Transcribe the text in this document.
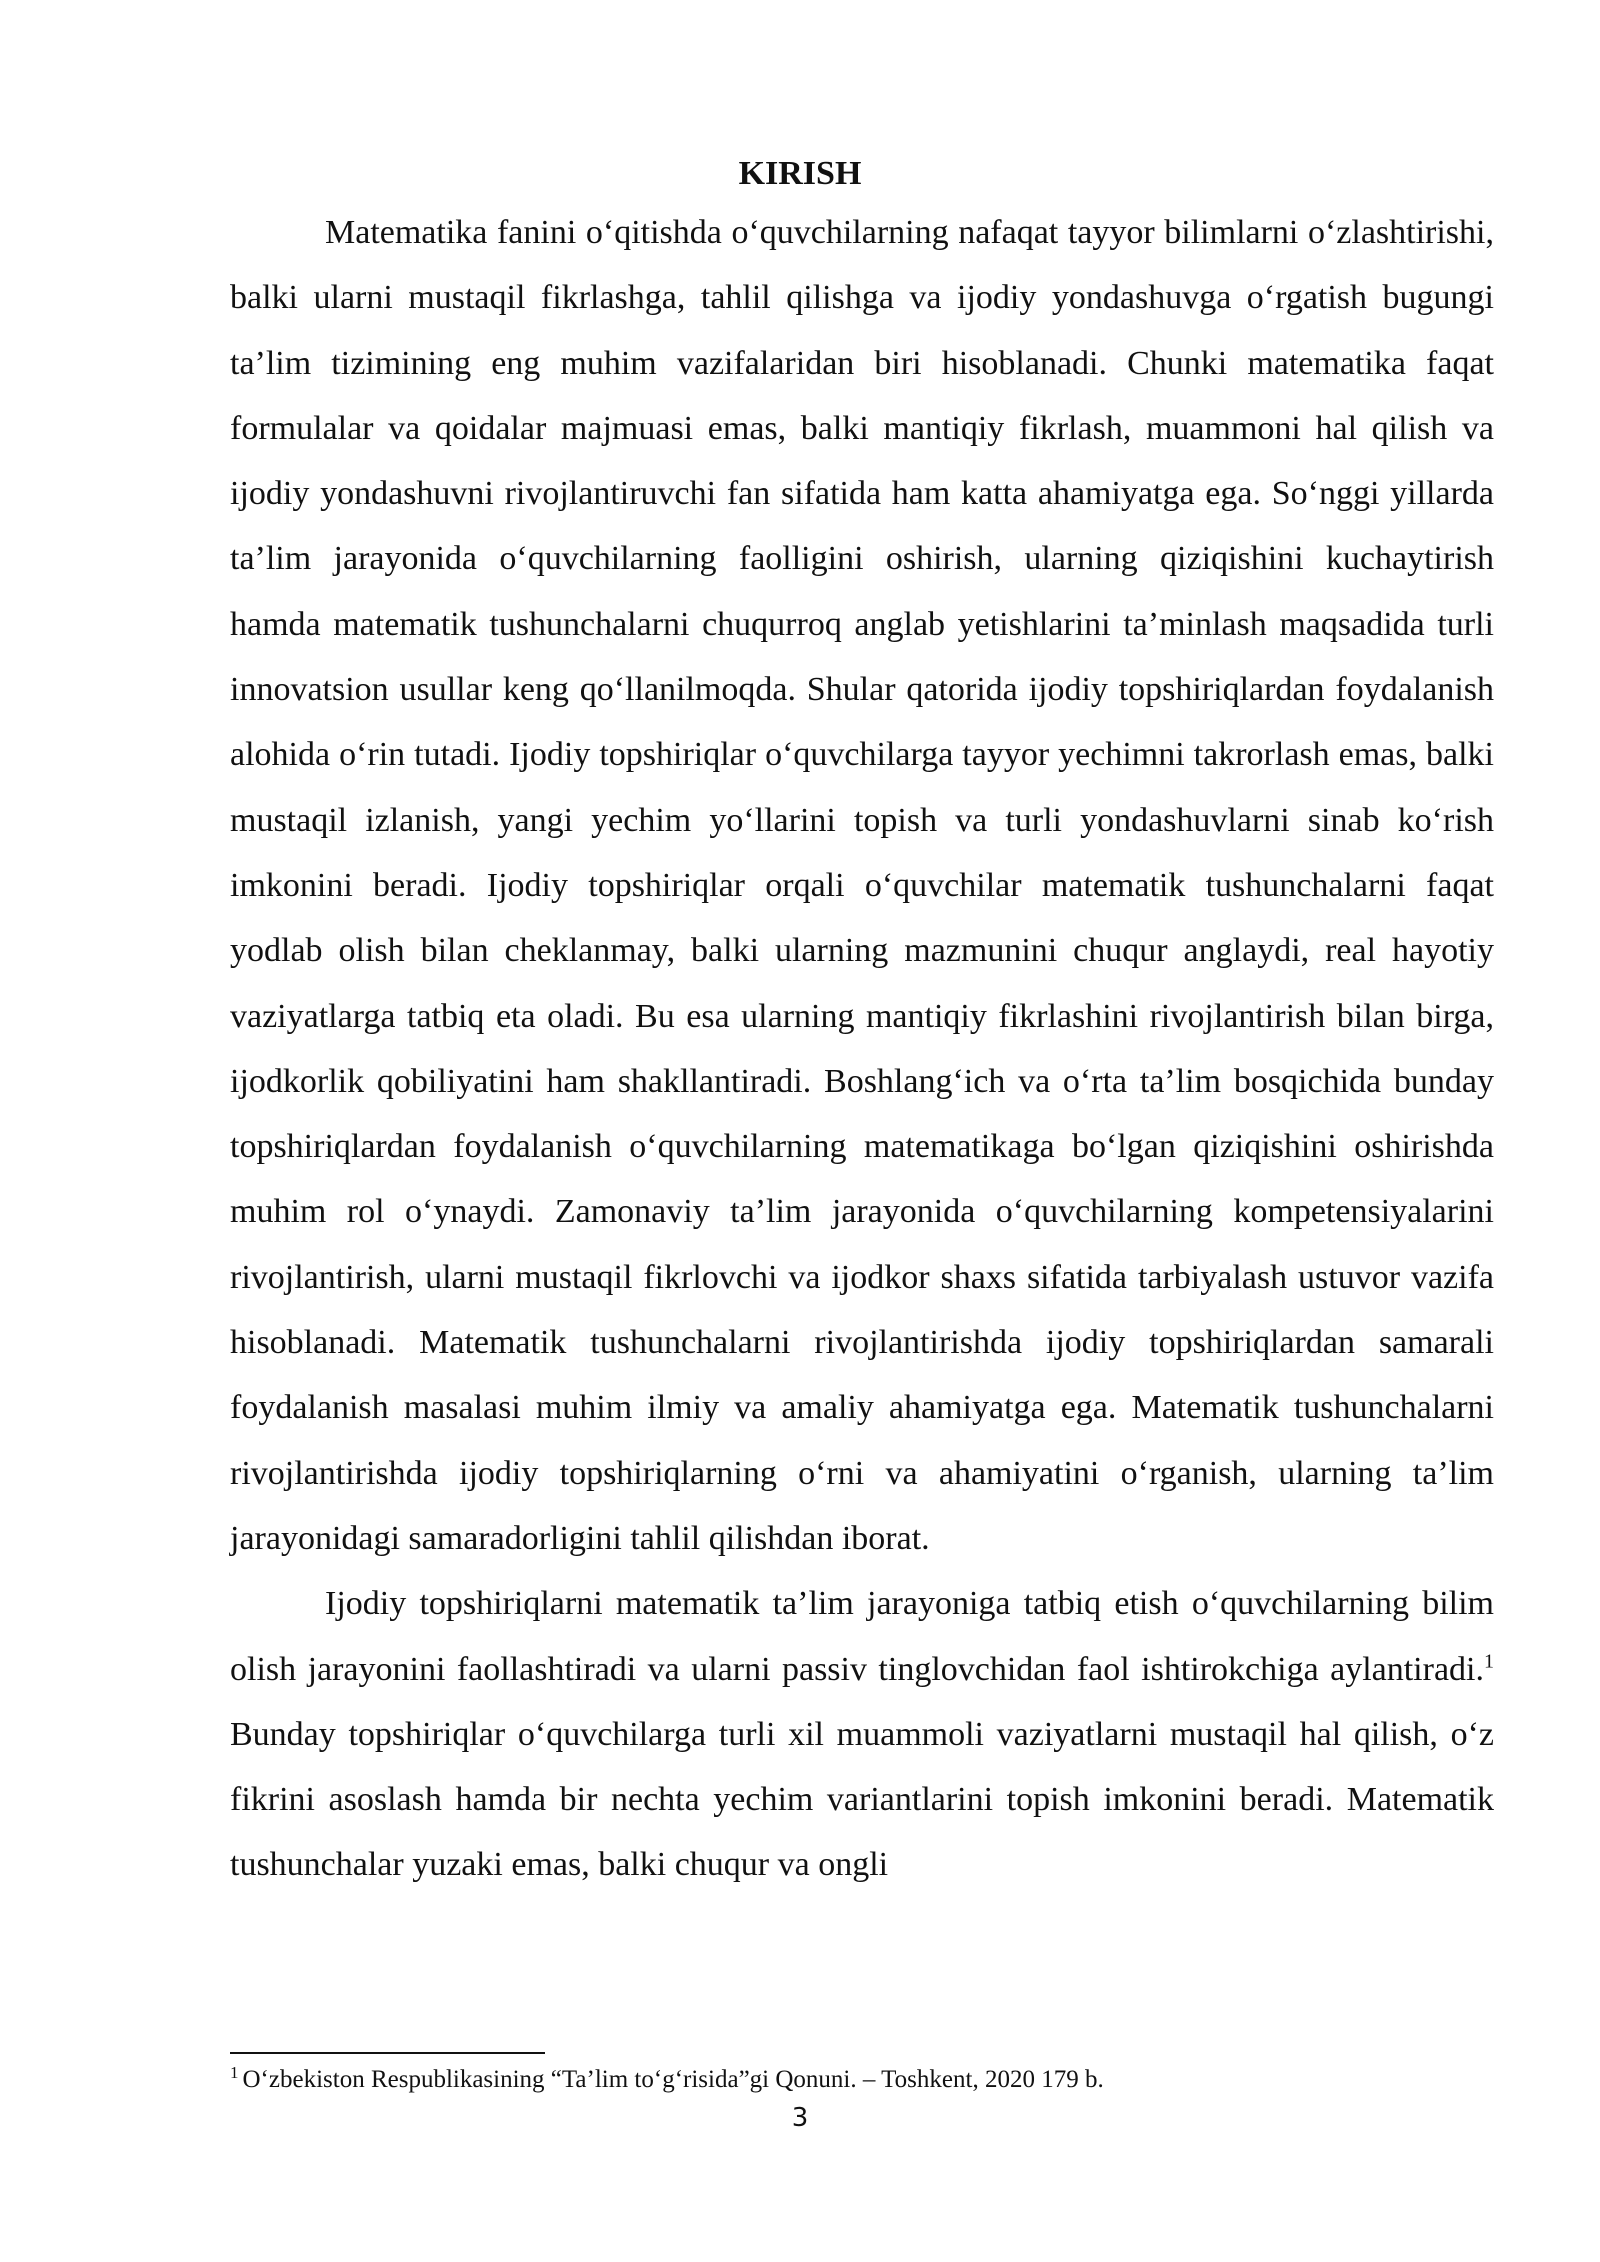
KIRISH

Matematika fanini oʻqitishda oʻquvchilarning nafaqat tayyor bilimlarni oʻzlashtirishi, balki ularni mustaqil fikrlashga, tahlil qilishga va ijodiy yondashuvga oʻrgatish bugungi ta’lim tizimining eng muhim vazifalaridan biri hisoblanadi. Chunki matematika faqat formulalar va qoidalar majmuasi emas, balki mantiqiy fikrlash, muammoni hal qilish va ijodiy yondashuvni rivojlantiruvchi fan sifatida ham katta ahamiyatga ega. Soʻnggi yillarda ta’lim jarayonida oʻquvchilarning faolligini oshirish, ularning qiziqishini kuchaytirish hamda matematik tushunchalarni chuqurroq anglab yetishlarini ta’minlash maqsadida turli innovatsion usullar keng qoʻllanilmoqda. Shular qatorida ijodiy topshiriqlardan foydalanish alohida oʻrin tutadi. Ijodiy topshiriqlar oʻquvchilarga tayyor yechimni takrorlash emas, balki mustaqil izlanish, yangi yechim yoʻllarini topish va turli yondashuvlarni sinab koʻrish imkonini beradi. Ijodiy topshiriqlar orqali oʻquvchilar matematik tushunchalarni faqat yodlab olish bilan cheklanmay, balki ularning mazmunini chuqur anglaydi, real hayotiy vaziyatlarga tatbiq eta oladi. Bu esa ularning mantiqiy fikrlashini rivojlantirish bilan birga, ijodkorlik qobiliyatini ham shakllantiradi. Boshlangʻich va oʻrta ta’lim bosqichida bunday topshiriqlardan foydalanish oʻquvchilarning matematikaga boʻlgan qiziqishini oshirishda muhim rol oʻynaydi. Zamonaviy ta’lim jarayonida oʻquvchilarning kompetensiyalarini rivojlantirish, ularni mustaqil fikrlovchi va ijodkor shaxs sifatida tarbiyalash ustuvor vazifa hisoblanadi. Matematik tushunchalarni rivojlantirishda ijodiy topshiriqlardan samarali foydalanish masalasi muhim ilmiy va amaliy ahamiyatga ega. Matematik tushunchalarni rivojlantirishda ijodiy topshiriqlarning oʻrni va ahamiyatini oʻrganish, ularning ta’lim jarayonidagi samaradorligini tahlil qilishdan iborat.

Ijodiy topshiriqlarni matematik ta’lim jarayoniga tatbiq etish oʻquvchilarning bilim olish jarayonini faollashtiradi va ularni passiv tinglovchidan faol ishtirokchiga aylantiradi.$^1$ Bunday topshiriqlar oʻquvchilarga turli xil muammoli vaziyatlarni mustaqil hal qilish, oʻz fikrini asoslash hamda bir nechta yechim variantlarini topish imkonini beradi. Matematik tushunchalar yuzaki emas, balki chuqur va ongli

$^1$ Oʻzbekiston Respublikasining “Ta’lim toʻgʻrisida”gi Qonuni. – Toshkent, 2020 179 b.

3
